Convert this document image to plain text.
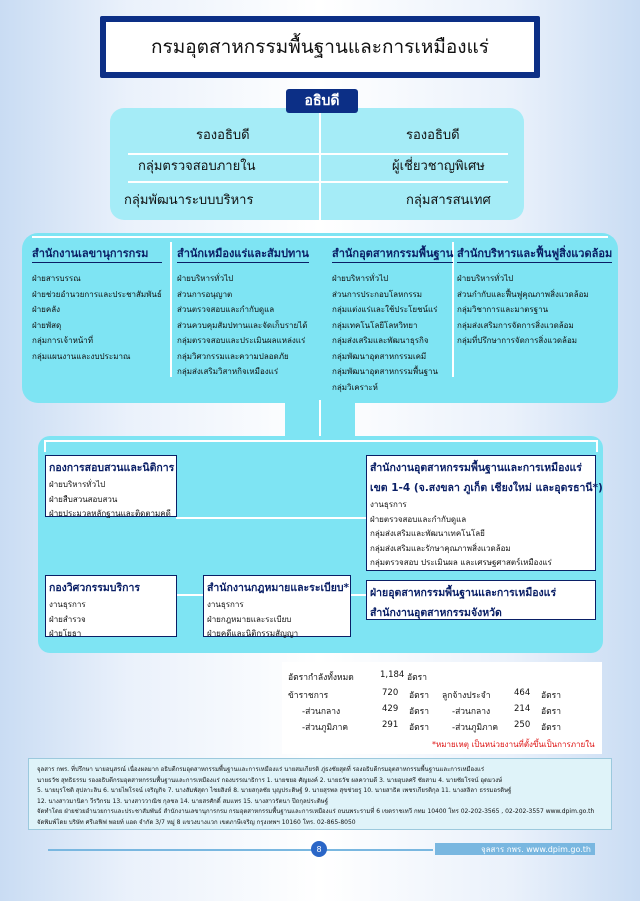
กรมอุตสาหกรรมพื้นฐานและการเหมืองแร่
อธิบดี
รองอธิบดี	รองอธิบดี
กลุ่มตรวจสอบภายใน	ผู้เชี่ยวชาญพิเศษ
กลุ่มพัฒนาระบบบริหาร	กลุ่มสารสนเทศ
สำนักงานเลขานุการกรม
ฝ่ายสารบรรณ
ฝ่ายช่วยอำนวยการและประชาสัมพันธ์
ฝ่ายคลัง
ฝ่ายพัสดุ
กลุ่มการเจ้าหน้าที่
กลุ่มแผนงานและงบประมาณ
สำนักเหมืองแร่และสัมปทาน
ฝ่ายบริหารทั่วไป
ส่วนการอนุญาต
ส่วนตรวจสอบและกำกับดูแล
ส่วนควบคุมสัมปทานและจัดเก็บรายได้
กลุ่มตรวจสอบและประเมินผลแหล่งแร่
กลุ่มวิศวกรรมและความปลอดภัย
กลุ่มส่งเสริมวิสาหกิจเหมืองแร่
สำนักอุตสาหกรรมพื้นฐาน
ฝ่ายบริหารทั่วไป
ส่วนการประกอบโลหกรรม
กลุ่มแต่งแร่และใช้ประโยชน์แร่
กลุ่มเทคโนโลยีโลหวิทยา
กลุ่มส่งเสริมและพัฒนาธุรกิจ
กลุ่มพัฒนาอุตสาหกรรมเคมี
กลุ่มพัฒนาอุตสาหกรรมพื้นฐาน
กลุ่มวิเคราะห์
สำนักบริหารและฟื้นฟูสิ่งแวดล้อม
ฝ่ายบริหารทั่วไป
ส่วนกำกับและฟื้นฟูคุณภาพสิ่งแวดล้อม
กลุ่มวิชาการและมาตรฐาน
กลุ่มส่งเสริมการจัดการสิ่งแวดล้อม
กลุ่มที่ปรึกษาการจัดการสิ่งแวดล้อม
กองการสอบสวนและนิติการ
ฝ่ายบริหารทั่วไป
ฝ่ายสืบสวนสอบสวน
ฝ่ายประมวลหลักฐานและติดตามคดี
กองวิศวกรรมบริการ
งานธุรการ
ฝ่ายสำรวจ
ฝ่ายโยธา
สำนักงานกฎหมายและระเบียบ*
งานธุรการ
ฝ่ายกฎหมายและระเบียบ
ฝ่ายคดีและนิติกรรมสัญญา
สำนักงานอุตสาหกรรมพื้นฐานและการเหมืองแร่
เขต 1-4 (จ.สงขลา ภูเก็ต เชียงใหม่ และอุดรธานี*)
งานธุรการ
ฝ่ายตรวจสอบและกำกับดูแล
กลุ่มส่งเสริมและพัฒนาเทคโนโลยี
กลุ่มส่งเสริมและรักษาคุณภาพสิ่งแวดล้อม
กลุ่มตรวจสอบ ประเมินผล และเศรษฐศาสตร์เหมืองแร่
ฝ่ายอุตสาหกรรมพื้นฐานและการเหมืองแร่
สำนักงานอุตสาหกรรมจังหวัด
อัตรากำลังทั้งหมด	1,184 อัตรา
ข้าราชการ	720 อัตรา ลูกจ้างประจำ	464 อัตรา
-ส่วนกลาง	429 อัตรา	-ส่วนกลาง	214 อัตรา
-ส่วนภูมิภาค	291 อัตรา	-ส่วนภูมิภาค 250 อัตรา
*หมายเหตุ เป็นหน่วยงานที่ตั้งขึ้นเป็นการภายใน

จุลสาร กพร. ที่ปรึกษา นายอนุสรณ์ เนื่องผลมาก อธิบดีกรมอุตสาหกรรมพื้นฐานและการเหมืองแร่ นายสมเกียรติ ภู่ธงชัยสุดที่ รองอธิบดีกรมอุตสาหกรรมพื้นฐานและการเหมืองแร่

นายธวัช สุทธิธรรม รองอธิบดีกรมอุตสาหกรรมพื้นฐานและการเหมืองแร่ กองบรรณาธิการ 1. นายชยอ ศัญยงค์ 2. นายธวัช ผลความดี 3. นายอุบลศรี ชัยสาม 4. นายชัยโรจน์ อุดมวงษ์

5. นายบุรโชติ สุปลาะลิน 6. นายไพโรจน์ เจริญกิจ 7. นางสัมพัสุดา ไชยสิงห์ 8. นายสกุลชัย บุญประดิษฐ์ 9. นายสุรพล สุขช่วยรู 10. นายสาธิต เพชรเกียรติกุล 11. นางสลิลา ธรรมอรดิษฐ์

12. นางสาวมานิดา วีรวิกรม 13. นางสาววาณิช กุลชล 14. นายสรศักดิ์ สมแทร 15. นางสาวรัตนา ปีถกุลประดิษฐ์

จัดทำโดย ฝ่ายช่วยอำนวยการและประชาสัมพันธ์ สำนักงานเลขานุการกรม กรมอุตสาหกรรมพื้นฐานและการเหมืองแร่ ถนนพระรามที่ 6 เขตราชเทวี กทม 10400 โทร 02-202-3565 , 02-202-3557 www.dpim.go.th

จัดพิมพ์โดย บริษัท ศรีเอฟิฟ พอยท์ แอด จำกัด 3/7 หมู่ 8 แขวงบางแวก เขตภาษีเจริญ กรุงเทพฯ 10160 โทร. 02-865-8050

8	จุลสาร กพร. www.dpim.go.th
